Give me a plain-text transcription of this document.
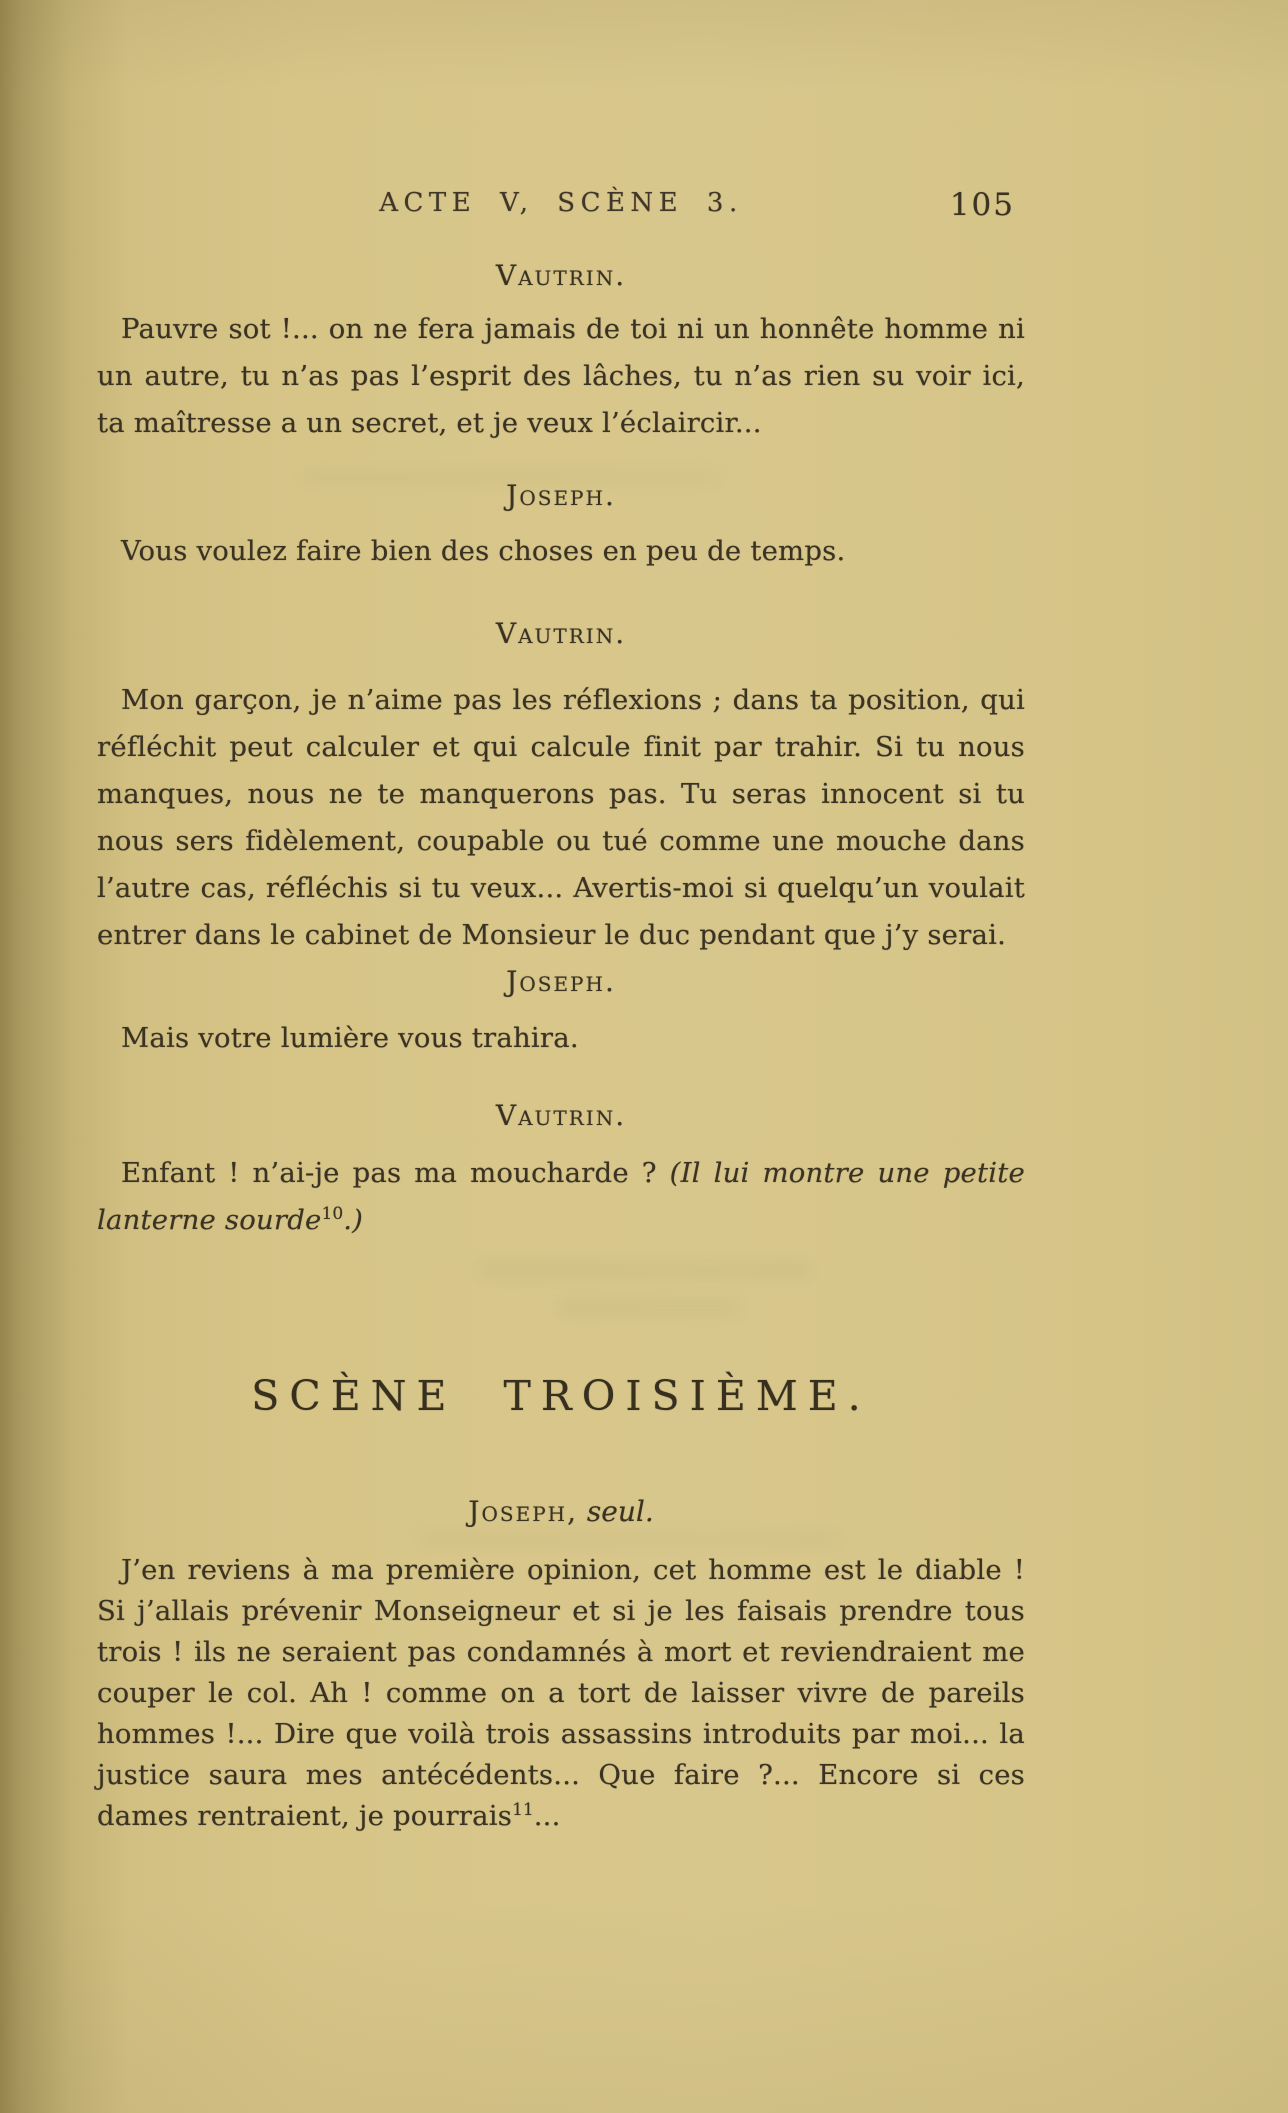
ACTE V, SCÈNE 3.	105
Vautrin.

Pauvre sot !... on ne fera jamais de toi ni un honnête homme ni un autre, tu n’as pas l’esprit des lâches, tu n’as rien su voir ici, ta maîtresse a un secret, et je veux l’éclaircir...

Joseph.

Vous voulez faire bien des choses en peu de temps.

Vautrin.

Mon garçon, je n’aime pas les réflexions ; dans ta position, qui réfléchit peut calculer et qui calcule finit par trahir. Si tu nous manques, nous ne te manquerons pas. Tu seras innocent si tu nous sers fidèlement, coupable ou tué comme une mouche dans l’autre cas, réfléchis si tu veux... Avertis-moi si quelqu’un voulait entrer dans le cabinet de Monsieur le duc pendant que j’y serai.

Joseph.

Mais votre lumière vous trahira.

Vautrin.

Enfant ! n’ai-je pas ma moucharde ? (Il lui montre une petite lanterne sourde$^{10}$.)

SCÈNE TROISIÈME.
Joseph, seul.

J’en reviens à ma première opinion, cet homme est le diable ! Si j’allais prévenir Monseigneur et si je les faisais prendre tous trois ! ils ne seraient pas condamnés à mort et reviendraient me couper le col. Ah ! comme on a tort de laisser vivre de pareils hommes !... Dire que voilà trois assassins introduits par moi... la justice saura mes antécédents... Que faire ?... Encore si ces dames rentraient, je pourrais$^{11}$...
